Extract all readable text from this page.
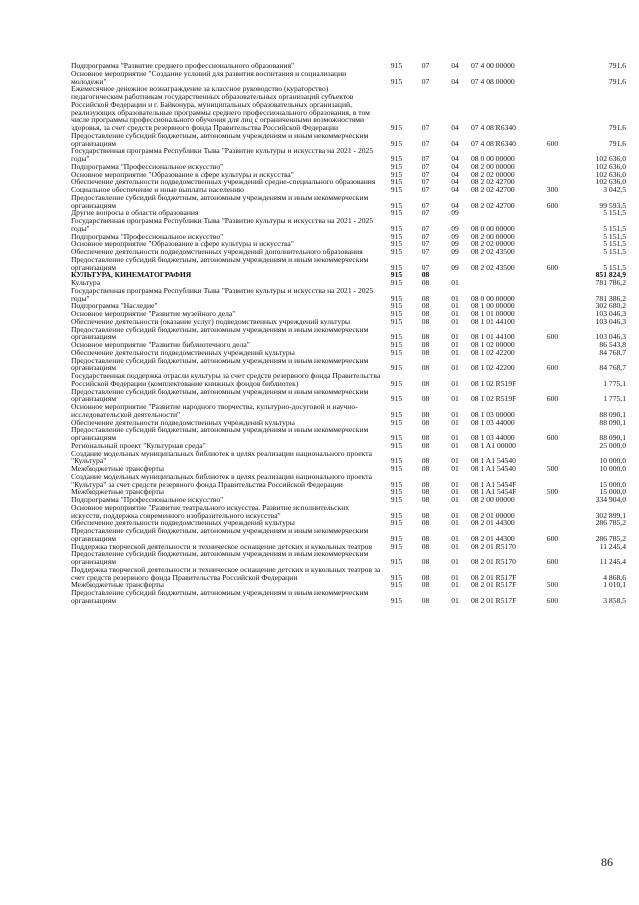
Подпрограмма "Развитие среднего профессионального образования"	915	07	04	07 4 00 00000		791,6
Основное мероприятие "Создание условий для развития воспитания и социализации молодежи"	915	07	04	07 4 08 00000		791,6
Ежемесячное денежное вознаграждение за классное руководство (кураторство) педагогическим работникам государственных образовательных организаций субъектов Российской Федерации и г. Байконура, муниципальных образовательных организаций, реализующих образовательные программы среднего профессионального образования, в том числе программы профессионального обучения для лиц с ограниченными возможностями здоровья, за счет средств резервного фонда Правительства Российской Федерации	915	07	04	07 4 08 R6340		791,6
Предоставление субсидий бюджетным, автономным учреждениям и иным некоммерческим организациям	915	07	04	07 4 08 R6340	600	791,6
Государственная программа Республики Тыва "Развитие культуры и искусства на 2021 - 2025 годы"	915	07	04	08 0 00 00000		102 636,0
Подпрограмма "Профессиональное искусство"	915	07	04	08 2 00 00000		102 636,0
Основное мероприятие "Образование в сфере культуры и искусства"	915	07	04	08 2 02 00000		102 636,0
Обеспечение деятельности подведомственных учреждений средне-специального образования	915	07	04	08 2 02 42700		102 636,0
Социальное обеспечение и иные выплаты населению	915	07	04	08 2 02 42700	300	3 042,5
Предоставление субсидий бюджетным, автономным учреждениям и иным некоммерческим организациям	915	07	04	08 2 02 42700	600	99 593,5
Другие вопросы в области образования	915	07	09			5 151,5
Государственная программа Республики Тыва "Развитие культуры и искусства на 2021 - 2025 годы"	915	07	09	08 0 00 00000		5 151,5
Подпрограмма "Профессиональное искусство"	915	07	09	08 2 00 00000		5 151,5
Основное мероприятие "Образование в сфере культуры и искусства"	915	07	09	08 2 02 00000		5 151,5
Обеспечение деятельности подведомственных учреждений дополнительного образования	915	07	09	08 2 02 43500		5 151,5
Предоставление субсидий бюджетным, автономным учреждениям и иным некоммерческим организациям	915	07	09	08 2 02 43500	600	5 151,5
КУЛЬТУРА, КИНЕМАТОГРАФИЯ	915	08				851 824,9
Культура	915	08	01			781 786,2
Государственная программа Республики Тыва "Развитие культуры и искусства на 2021 - 2025 годы"	915	08	01	08 0 00 00000		781 386,2
Подпрограмма "Наследие"	915	08	01	08 1 00 00000		302 680,2
Основное мероприятие "Развитие музейного дела"	915	08	01	08 1 01 00000		103 046,3
Обеспечение деятельности (оказание услуг) подведомственных учреждений культуры	915	08	01	08 1 01 44100		103 046,3
Предоставление субсидий бюджетным, автономным учреждениям и иным некоммерческим организациям	915	08	01	08 1 01 44100	600	103 046,3
Основное мероприятие "Развитие библиотечного дела"	915	08	01	08 1 02 00000		86 543,8
Обеспечение деятельности подведомственных учреждений культуры	915	08	01	08 1 02 42200		84 768,7
Предоставление субсидий бюджетным, автономным учреждениям и иным некоммерческим организациям	915	08	01	08 1 02 42200	600	84 768,7
Государственная поддержка отрасли культуры за счет средств резервного фонда Правительства Российской Федерации (комплектование книжных фондов библиотек)	915	08	01	08 1 02 R519F		1 775,1
Предоставление субсидий бюджетным, автономным учреждениям и иным некоммерческим организациям	915	08	01	08 1 02 R519F	600	1 775,1
Основное мероприятие "Развитие народного творчества, культурно-досуговой и научно-исследовательской деятельности"	915	08	01	08 1 03 00000		88 090,1
Обеспечение деятельности подведомственных учреждений культуры	915	08	01	08 1 03 44000		88 090,1
Предоставление субсидий бюджетным, автономным учреждениям и иным некоммерческим организациям	915	08	01	08 1 03 44000	600	88 090,1
Региональный проект "Культурная среда"	915	08	01	08 1 A1 00000		25 000,0
Создание модельных муниципальных библиотек в целях реализации национального проекта "Культура"	915	08	01	08 1 A1 54540		10 000,0
Межбюджетные трансферты	915	08	01	08 1 A1 54540	500	10 000,0
Создание модельных муниципальных библиотек в целях реализации национального проекта "Культура" за счет средств резервного фонда Правительства Российской Федерации	915	08	01	08 1 A1 5454F		15 000,0
Межбюджетные трансферты	915	08	01	08 1 A1 5454F	500	15 000,0
Подпрограмма "Профессиональное искусство"	915	08	01	08 2 00 00000		334 904,0
Основное мероприятие "Развитие театрального искусства. Развитие исполнительских искусств, поддержка современного изобразительного искусства"	915	08	01	08 2 01 00000		302 899,1
Обеспечение деятельности подведомственных учреждений культуры	915	08	01	08 2 01 44300		286 785,2
Предоставление субсидий бюджетным, автономным учреждениям и иным некоммерческим организациям	915	08	01	08 2 01 44300	600	286 785,2
Поддержка творческой деятельности и техническое оснащение детских и кукольных театров	915	08	01	08 2 01 R5170		11 245,4
Предоставление субсидий бюджетным, автономным учреждениям и иным некоммерческим организациям	915	08	01	08 2 01 R5170	600	11 245,4
Поддержка творческой деятельности и техническое оснащение детских и кукольных театров за счет средств резервного фонда Правительства Российской Федерации	915	08	01	08 2 01 R517F		4 868,6
Межбюджетные трансферты	915	08	01	08 2 01 R517F	500	1 010,1
Предоставление субсидий бюджетным, автономным учреждениям и иным некоммерческим организациям	915	08	01	08 2 01 R517F	600	3 858,5
86
